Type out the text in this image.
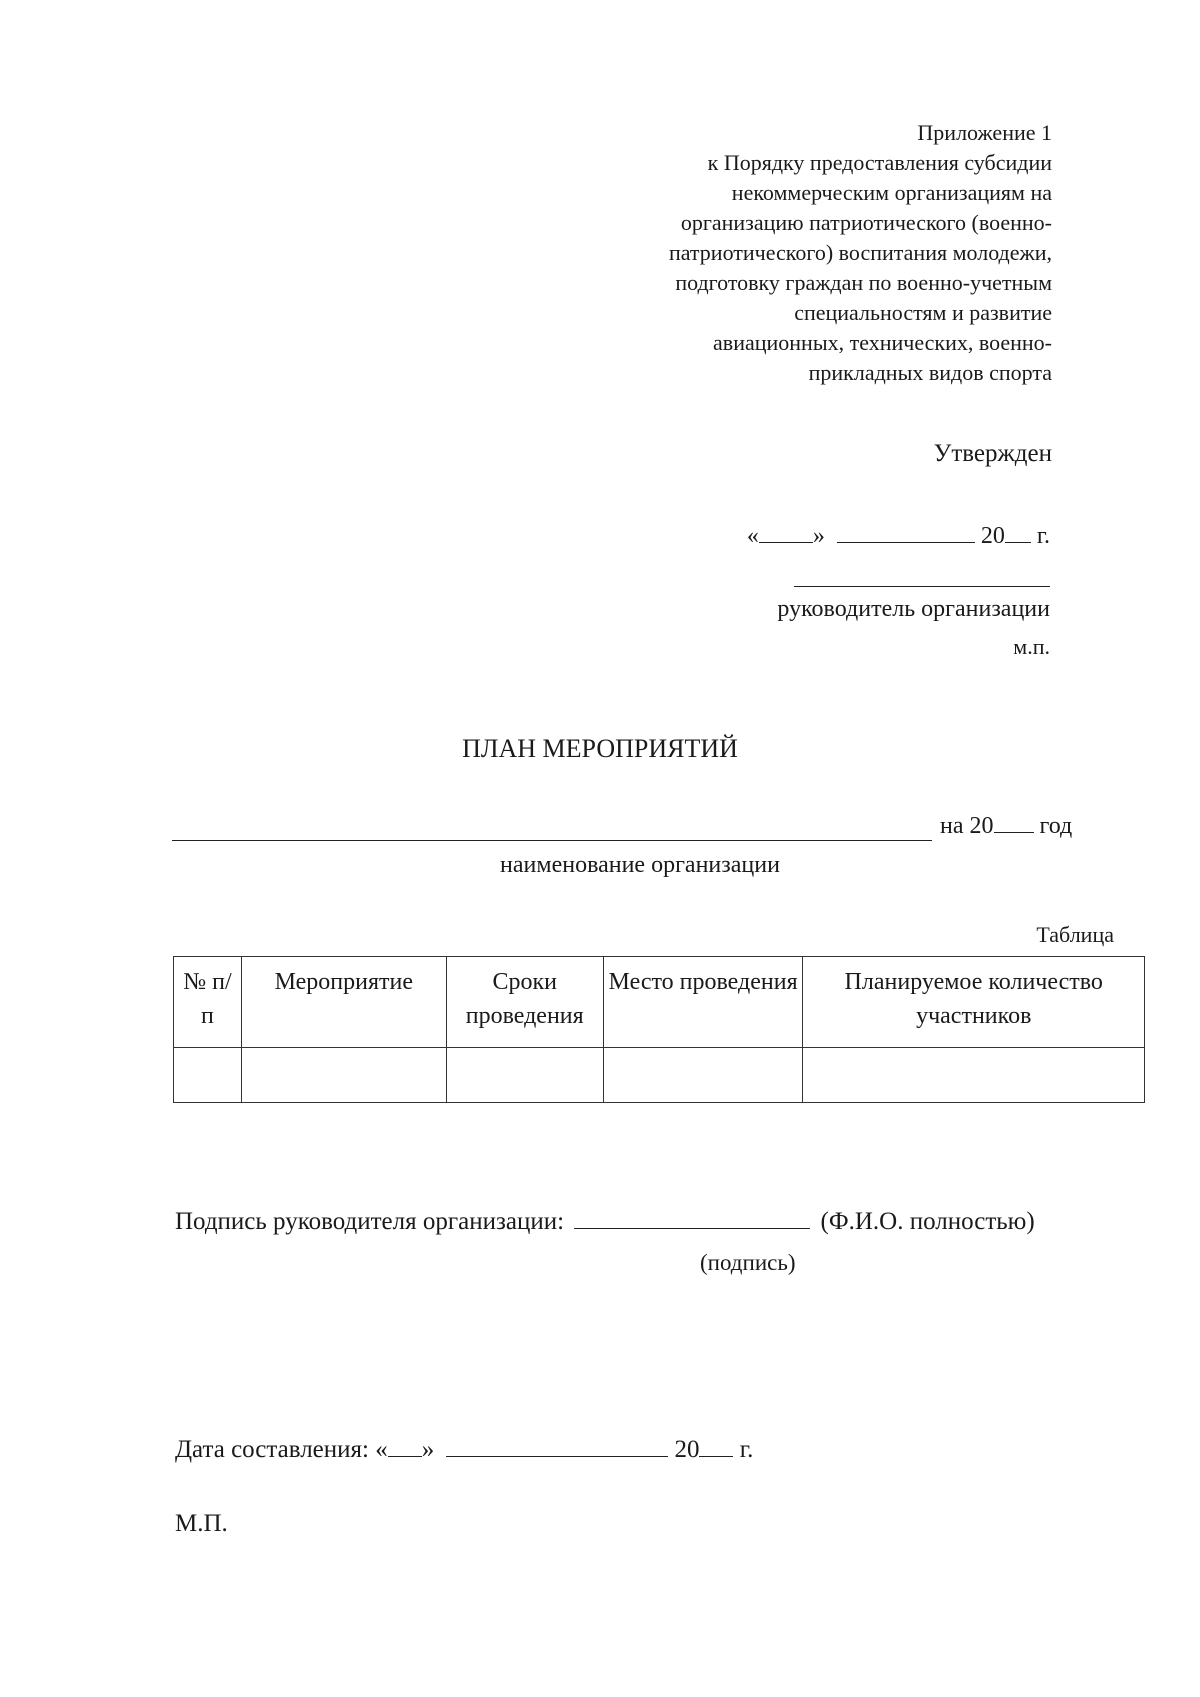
Приложение 1
к Порядку предоставления субсидии
некоммерческим организациям на
организацию патриотического (военно-
патриотического) воспитания молодежи,
подготовку граждан по военно-учетным
специальностям и развитие
авиационных, технических, военно-
прикладных видов спорта
Утвержден
« »	20 г.
руководитель организации
м.п.
ПЛАН МЕРОПРИЯТИЙ
на 20 год
наименование организации
Таблица
№ п/п	Мероприятие	Сроки проведения	Место проведения	Планируемое количество участников

Подпись руководителя организации:	(Ф.И.О. полностью)
(подпись)
Дата составления: « »	20 г.
М.П.
